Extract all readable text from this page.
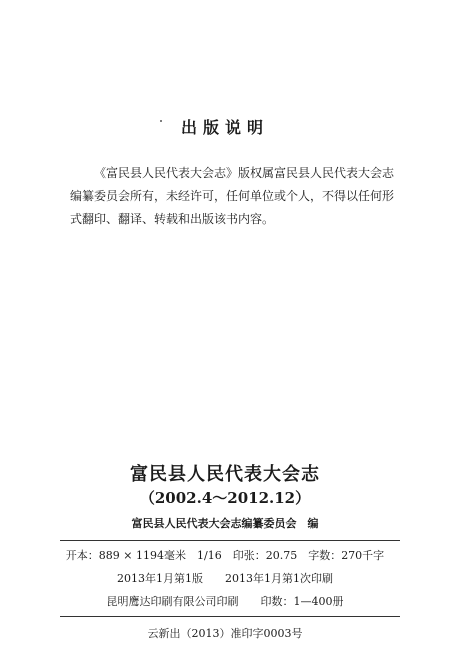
出版说明
《富民县人民代表大会志》版权属富民县人民代表大会志
编纂委员会所有，未经许可，任何单位或个人，不得以任何形
式翻印、翻译、转载和出版该书内容。
富民县人民代表大会志
（2002.4～2012.12）
富民县人民代表大会志编纂委员会　编
开本：889 × 1194毫米　1/16　印张：20.75　字数：270千字
2013年1月第1版　　2013年1月第1次印刷
昆明鹰达印刷有限公司印刷　　印数：1—400册
云新出（2013）准印字0003号
